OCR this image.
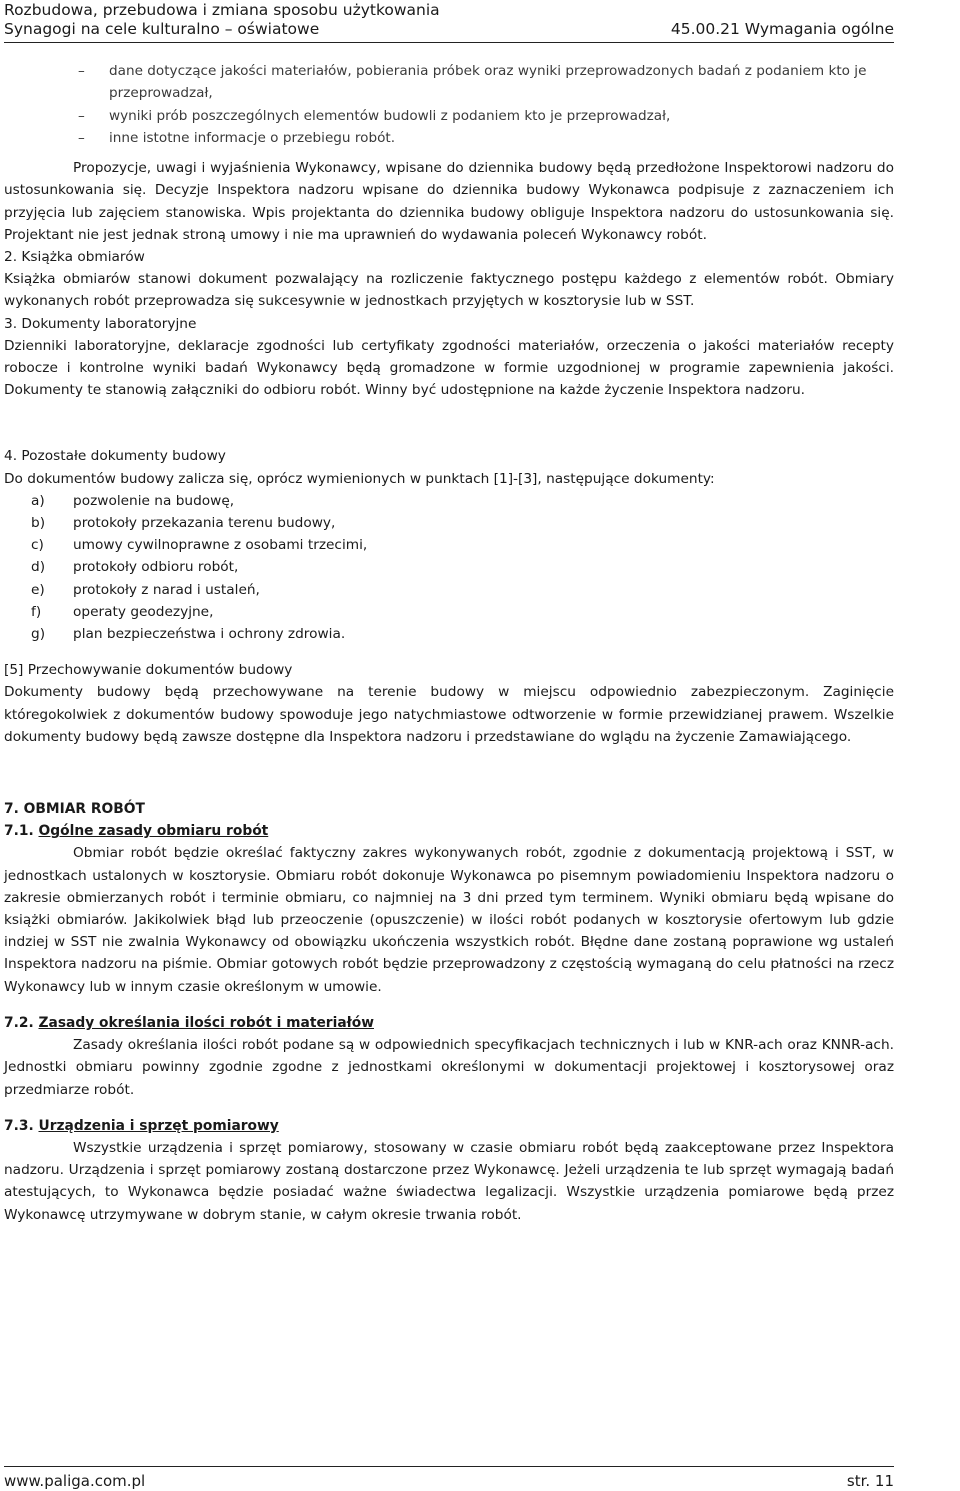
Rozbudowa, przebudowa i zmiana sposobu użytkowania
Synagogi na cele kulturalno – oświatowe	45.00.21 Wymagania ogólne
– dane dotyczące jakości materiałów, pobierania próbek oraz wyniki przeprowadzonych badań z podaniem kto je przeprowadzał,
– wyniki prób poszczególnych elementów budowli z podaniem kto je przeprowadzał,
– inne istotne informacje o przebiegu robót.

Propozycje, uwagi i wyjaśnienia Wykonawcy, wpisane do dziennika budowy będą przedłożone Inspektorowi nadzoru do ustosunkowania się. Decyzje Inspektora nadzoru wpisane do dziennika budowy Wykonawca podpisuje z zaznaczeniem ich przyjęcia lub zajęciem stanowiska. Wpis projektanta do dziennika budowy obliguje Inspektora nadzoru do ustosunkowania się. Projektant nie jest jednak stroną umowy i nie ma uprawnień do wydawania poleceń Wykonawcy robót.

2. Książka obmiarów

Książka obmiarów stanowi dokument pozwalający na rozliczenie faktycznego postępu każdego z elementów robót. Obmiary wykonanych robót przeprowadza się sukcesywnie w jednostkach przyjętych w kosztorysie lub w SST.

3. Dokumenty laboratoryjne

Dzienniki laboratoryjne, deklaracje zgodności lub certyfikaty zgodności materiałów, orzeczenia o jakości materiałów recepty robocze i kontrolne wyniki badań Wykonawcy będą gromadzone w formie uzgodnionej w programie zapewnienia jakości. Dokumenty te stanowią załączniki do odbioru robót. Winny być udostępnione na każde życzenie Inspektora nadzoru.

4. Pozostałe dokumenty budowy
Do dokumentów budowy zalicza się, oprócz wymienionych w punktach [1]-[3], następujące dokumenty:
a) pozwolenie na budowę,
b) protokoły przekazania terenu budowy,
c) umowy cywilnoprawne z osobami trzecimi,
d) protokoły odbioru robót,
e) protokoły z narad i ustaleń,
f) operaty geodezyjne,
g) plan bezpieczeństwa i ochrony zdrowia.
[5] Przechowywanie dokumentów budowy

Dokumenty budowy będą przechowywane na terenie budowy w miejscu odpowiednio zabezpieczonym. Zaginięcie któregokolwiek z dokumentów budowy spowoduje jego natychmiastowe odtworzenie w formie przewidzianej prawem. Wszelkie dokumenty budowy będą zawsze dostępne dla Inspektora nadzoru i przedstawiane do wglądu na życzenie Zamawiającego.

7. OBMIAR ROBÓT
7.1. Ogólne zasady obmiaru robót

Obmiar robót będzie określać faktyczny zakres wykonywanych robót, zgodnie z dokumentacją projektową i SST, w jednostkach ustalonych w kosztorysie. Obmiaru robót dokonuje Wykonawca po pisemnym powiadomieniu Inspektora nadzoru o zakresie obmierzanych robót i terminie obmiaru, co najmniej na 3 dni przed tym terminem. Wyniki obmiaru będą wpisane do książki obmiarów. Jakikolwiek błąd lub przeoczenie (opuszczenie) w ilości robót podanych w kosztorysie ofertowym lub gdzie indziej w SST nie zwalnia Wykonawcy od obowiązku ukończenia wszystkich robót. Błędne dane zostaną poprawione wg ustaleń Inspektora nadzoru na piśmie. Obmiar gotowych robót będzie przeprowadzony z częstością wymaganą do celu płatności na rzecz Wykonawcy lub w innym czasie określonym w umowie.

7.2. Zasady określania ilości robót i materiałów

Zasady określania ilości robót podane są w odpowiednich specyfikacjach technicznych i lub w KNR-ach oraz KNNR-ach. Jednostki obmiaru powinny zgodnie zgodne z jednostkami określonymi w dokumentacji projektowej i kosztorysowej oraz przedmiarze robót.

7.3. Urządzenia i sprzęt pomiarowy

Wszystkie urządzenia i sprzęt pomiarowy, stosowany w czasie obmiaru robót będą zaakceptowane przez Inspektora nadzoru. Urządzenia i sprzęt pomiarowy zostaną dostarczone przez Wykonawcę. Jeżeli urządzenia te lub sprzęt wymagają badań atestujących, to Wykonawca będzie posiadać ważne świadectwa legalizacji. Wszystkie urządzenia pomiarowe będą przez Wykonawcę utrzymywane w dobrym stanie, w całym okresie trwania robót.

www.paliga.com.pl	str. 11
